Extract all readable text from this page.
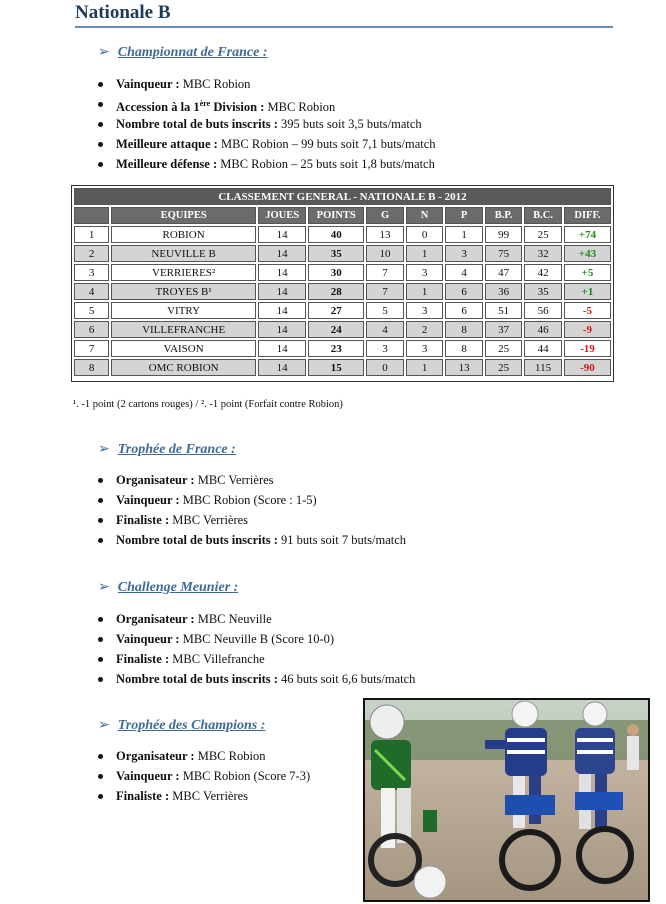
Nationale B
➢ Championnat de France :
Vainqueur : MBC Robion
Accession à la 1ère Division : MBC Robion
Nombre total de buts inscrits : 395 buts soit 3,5 buts/match
Meilleure attaque : MBC Robion – 99 buts soit 7,1 buts/match
Meilleure défense : MBC Robion – 25 buts soit 1,8 buts/match
CLASSEMENT GENERAL - NATIONALE B - 2012									
	EQUIPES	JOUES	POINTS	G	N	P	B.P.	B.C.	DIFF.
1	ROBION	14	40	13	0	1	99	25	+74
2	NEUVILLE B	14	35	10	1	3	75	32	+43
3	VERRIERES²	14	30	7	3	4	47	42	+5
4	TROYES B¹	14	28	7	1	6	36	35	+1
5	VITRY	14	27	5	3	6	51	56	-5
6	VILLEFRANCHE	14	24	4	2	8	37	46	-9
7	VAISON	14	23	3	3	8	25	44	-19
8	OMC ROBION	14	15	0	1	13	25	115	-90
¹. -1 point (2 cartons rouges) / ². -1 point (Forfait contre Robion)
➢ Trophée de France :
Organisateur : MBC Verrières
Vainqueur : MBC Robion (Score : 1-5)
Finaliste : MBC Verrières
Nombre total de buts inscrits : 91 buts soit 7 buts/match
➢ Challenge Meunier :
Organisateur : MBC Neuville
Vainqueur : MBC Neuville B (Score 10-0)
Finaliste : MBC Villefranche
Nombre total de buts inscrits : 46 buts soit 6,6 buts/match
➢ Trophée des Champions :
Organisateur : MBC Robion
Vainqueur : MBC Robion (Score 7-3)
Finaliste : MBC Verrières
